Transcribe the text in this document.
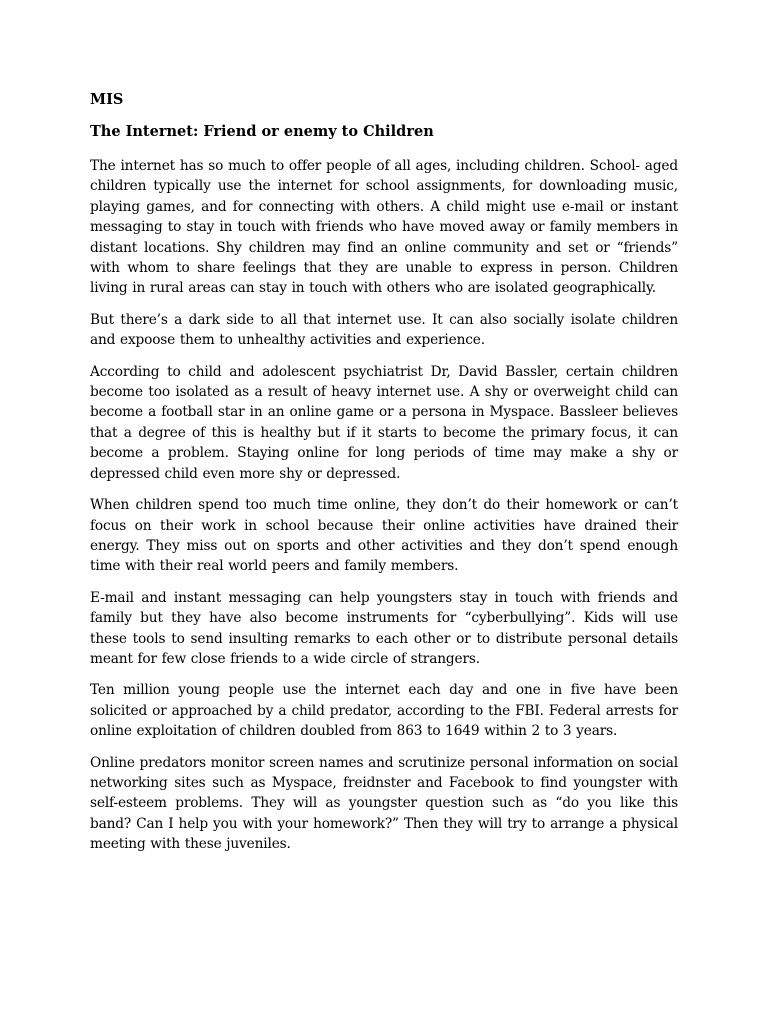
MIS
The Internet: Friend or enemy to Children

The internet has so much to offer people of all ages, including children. School- aged children typically use the internet for school assignments, for downloading music, playing games, and for connecting with others. A child might use e-mail or instant messaging to stay in touch with friends who have moved away or family members in distant locations. Shy children may find an online community and set or “friends” with whom to share feelings that they are unable to express in person. Children living in rural areas can stay in touch with others who are isolated geographically.

But there’s a dark side to all that internet use. It can also socially isolate children and expoose them to unhealthy activities and experience.

According to child and adolescent psychiatrist Dr, David Bassler, certain children become too isolated as a result of heavy internet use. A shy or overweight child can become a football star in an online game or a persona in Myspace. Bassleer believes that a degree of this is healthy but if it starts to become the primary focus, it can become a problem. Staying online for long periods of time may make a shy or depressed child even more shy or depressed.

When children spend too much time online, they don’t do their homework or can’t focus on their work in school because their online activities have drained their energy. They miss out on sports and other activities and they don’t spend enough time with their real world peers and family members.

E-mail and instant messaging can help youngsters stay in touch with friends and family but they have also become instruments for “cyberbullying”. Kids will use these tools to send insulting remarks to each other or to distribute personal details meant for few close friends to a wide circle of strangers.

Ten million young people use the internet each day and one in five have been solicited or approached by a child predator, according to the FBI. Federal arrests for online exploitation of children doubled from 863 to 1649 within 2 to 3 years.

Online predators monitor screen names and scrutinize personal information on social networking sites such as Myspace, freidnster and Facebook to find youngster with self-esteem problems. They will as youngster question such as “do you like this band? Can I help you with your homework?” Then they will try to arrange a physical meeting with these juveniles.
